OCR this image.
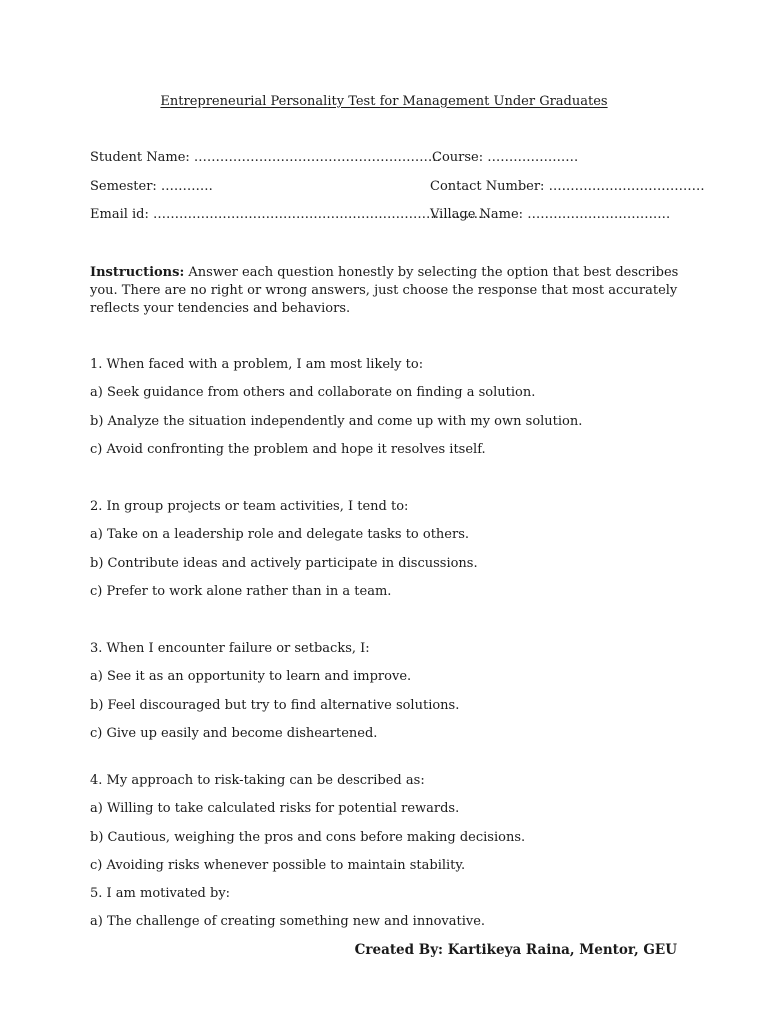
Entrepreneurial Personality Test for Management Under Graduates
Student Name: …………………………………………………
Course: …………………
Semester: …………	Contact Number: ………………………………
Email id: ……………………………………………………………………
Village Name: ……………………………
Instructions: Answer each question honestly by selecting the option that best describes you. There are no right or wrong answers, just choose the response that most accurately reflects your tendencies and behaviors.
1. When faced with a problem, I am most likely to:
a) Seek guidance from others and collaborate on finding a solution.
b) Analyze the situation independently and come up with my own solution.
c) Avoid confronting the problem and hope it resolves itself.
2. In group projects or team activities, I tend to:
a) Take on a leadership role and delegate tasks to others.
b) Contribute ideas and actively participate in discussions.
c) Prefer to work alone rather than in a team.
3. When I encounter failure or setbacks, I:
a) See it as an opportunity to learn and improve.
b) Feel discouraged but try to find alternative solutions.
c) Give up easily and become disheartened.
4. My approach to risk-taking can be described as:
a) Willing to take calculated risks for potential rewards.
b) Cautious, weighing the pros and cons before making decisions.
c) Avoiding risks whenever possible to maintain stability.
5. I am motivated by:
a) The challenge of creating something new and innovative.
Created By: Kartikeya Raina, Mentor, GEU
